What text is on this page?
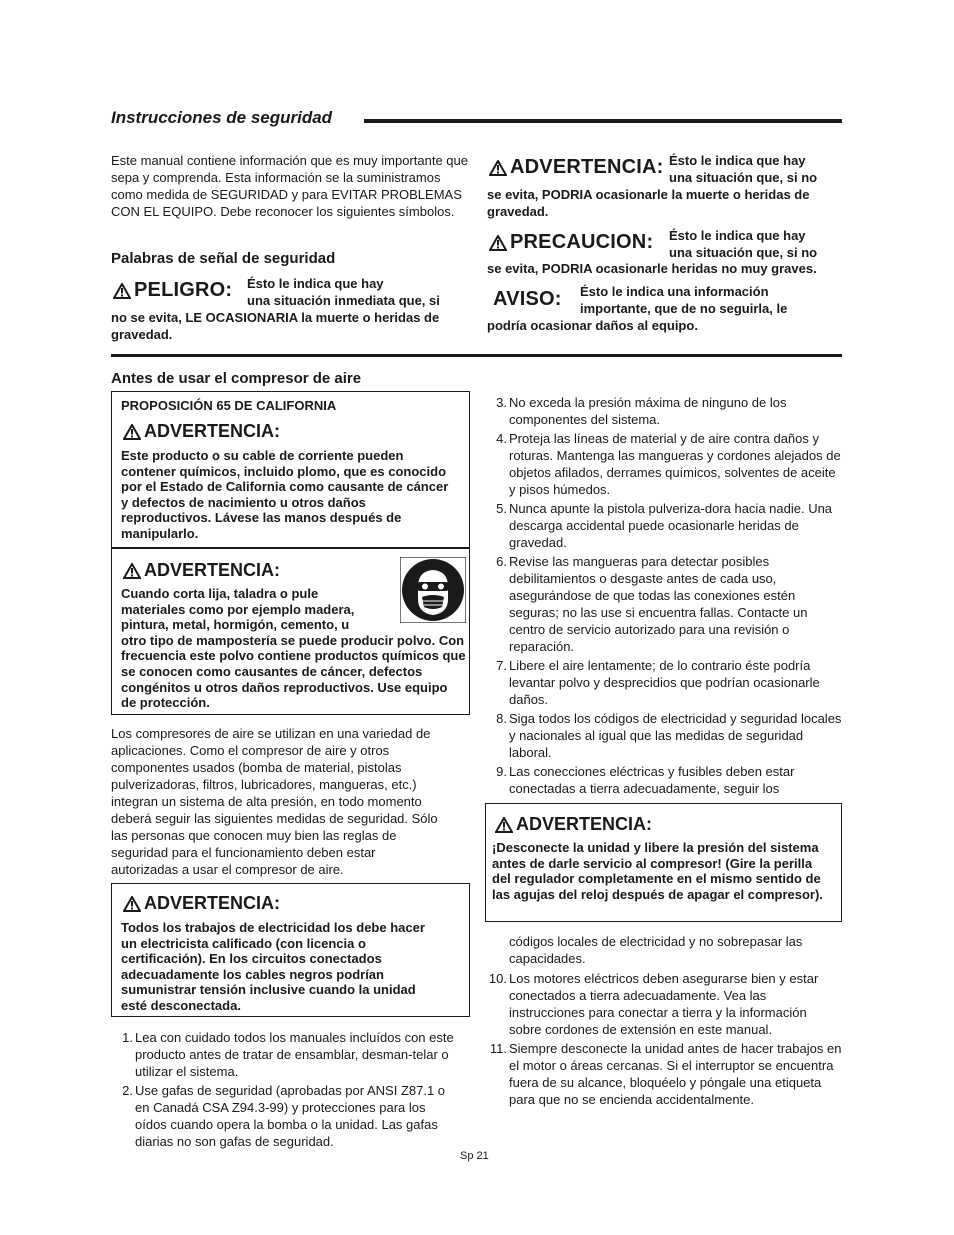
Instrucciones de seguridad
Este manual contiene información que es muy importante que sepa y comprenda. Esta información se la suministramos como medida de SEGURIDAD y para EVITAR PROBLEMAS CON EL EQUIPO. Debe reconocer los siguientes símbolos.
Palabras de señal de seguridad
PELIGRO: Ésto le indica que hay
una situación inmediata que, si
no se evita, LE OCASIONARIA la muerte o heridas de gravedad.
ADVERTENCIA: Ésto le indica que hay
una situación que, si no
se evita, PODRIA ocasionarle la muerte o heridas de gravedad.
PRECAUCION: Ésto le indica que hay
una situación que, si no
se evita, PODRIA ocasionarle heridas no muy graves.
AVISO: Ésto le indica una información
importante, que de no seguirla, le
podría ocasionar daños al equipo.
Antes de usar el compresor de aire
PROPOSICIÓN 65 DE CALIFORNIA
ADVERTENCIA:
Este producto o su cable de corriente pueden contener químicos, incluido plomo, que es conocido por el Estado de California como causante de cáncer y defectos de nacimiento u otros daños reproductivos. Lávese las manos después de manipularlo.
ADVERTENCIA:
Cuando corta lija, taladra o pule materiales como por ejemplo madera, pintura, metal, hormigón, cemento, u otro tipo de mampostería se puede producir polvo. Con frecuencia este polvo contiene productos químicos que se conocen como causantes de cáncer, defectos congénitos u otros daños reproductivos. Use equipo de protección.
Los compresores de aire se utilizan en una variedad de aplicaciones. Como el compresor de aire y otros componentes usados (bomba de material, pistolas pulverizadoras, filtros, lubricadores, mangueras, etc.) integran un sistema de alta presión, en todo momento deberá seguir las siguientes medidas de seguridad. Sólo las personas que conocen muy bien las reglas de seguridad para el funcionamiento deben estar autorizadas a usar el compresor de aire.
ADVERTENCIA:
Todos los trabajos de electricidad los debe hacer un electricista calificado (con licencia o certificación). En los circuitos conectados adecuadamente los cables negros podrían sumunistrar tensión inclusive cuando la unidad esté desconectada.
1. Lea con cuidado todos los manuales incluídos con este producto antes de tratar de ensamblar, desman-telar o utilizar el sistema.
2. Use gafas de seguridad (aprobadas por ANSI Z87.1 o en Canadá CSA Z94.3-99) y protecciones para los oídos cuando opera la bomba o la unidad. Las gafas diarias no son gafas de seguridad.
3. No exceda la presión máxima de ninguno de los componentes del sistema.
4. Proteja las líneas de material y de aire contra daños y roturas. Mantenga las mangueras y cordones alejados de objetos afilados, derrames químicos, solventes de aceite y pisos húmedos.
5. Nunca apunte la pistola pulveriza-dora hacia nadie. Una descarga accidental puede ocasionarle heridas de gravedad.
6. Revise las mangueras para detectar posibles debilitamientos o desgaste antes de cada uso, asegurándose de que todas las conexiones estén seguras; no las use si encuentra fallas. Contacte un centro de servicio autorizado para una revisión o reparación.
7. Libere el aire lentamente; de lo contrario éste podría levantar polvo y desprecidios que podrían ocasionarle daños.
8. Siga todos los códigos de electricidad y seguridad locales y nacionales al igual que las medidas de seguridad laboral.
9. Las conecciones eléctricas y fusibles deben estar conectadas a tierra adecuadamente, seguir los
ADVERTENCIA:
¡Desconecte la unidad y libere la presión del sistema antes de darle servicio al compresor! (Gire la perilla del regulador completamente en el mismo sentido de las agujas del reloj después de apagar el compresor).
códigos locales de electricidad y no sobrepasar las capacidades.
10. Los motores eléctricos deben asegurarse bien y estar conectados a tierra adecuadamente. Vea las instrucciones para conectar a tierra y la información sobre cordones de extensión en este manual.
11. Siempre desconecte la unidad antes de hacer trabajos en el motor o áreas cercanas. Si el interruptor se encuentra fuera de su alcance, bloquéelo y póngale una etiqueta para que no se encienda accidentalmente.
Sp 21
